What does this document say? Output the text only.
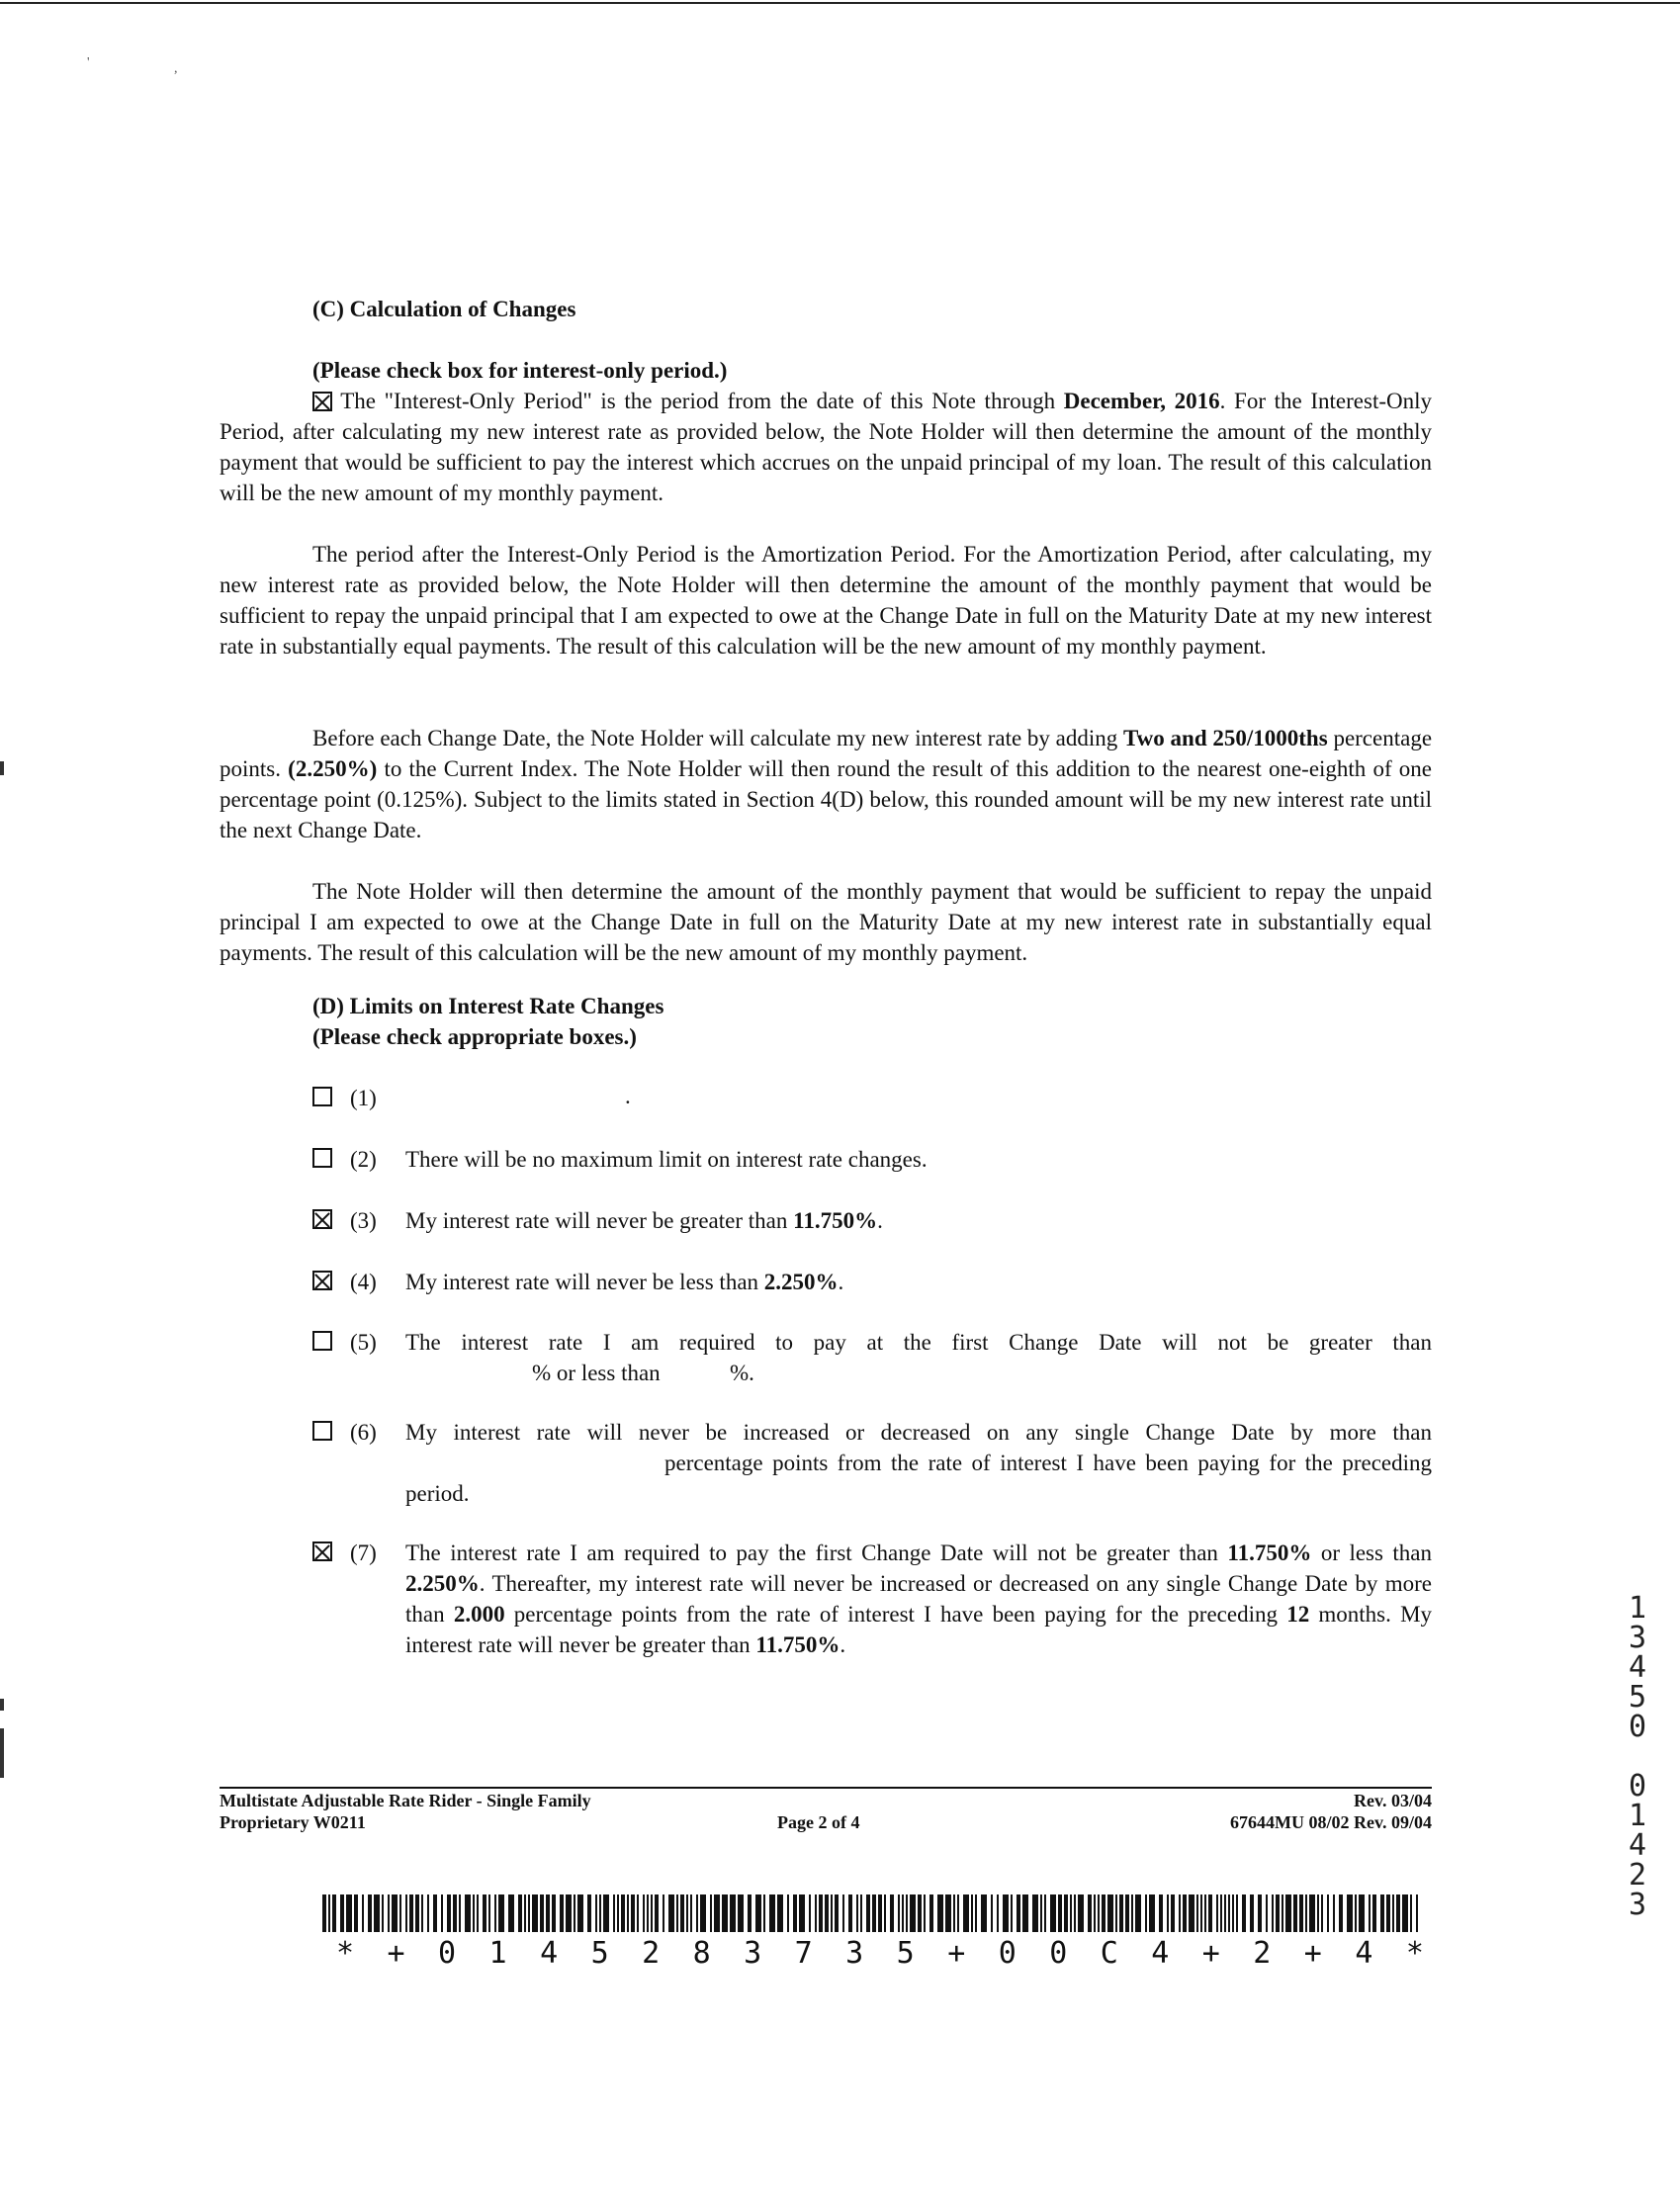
'	,
(C) Calculation of Changes
(Please check box for interest-only period.)

The "Interest-Only Period" is the period from the date of this Note through December, 2016. For the Interest-Only Period, after calculating my new interest rate as provided below, the Note Holder will then determine the amount of the monthly payment that would be sufficient to pay the interest which accrues on the unpaid principal of my loan. The result of this calculation will be the new amount of my monthly payment.

The period after the Interest-Only Period is the Amortization Period. For the Amortization Period, after calculating, my new interest rate as provided below, the Note Holder will then determine the amount of the monthly payment that would be sufficient to repay the unpaid principal that I am expected to owe at the Change Date in full on the Maturity Date at my new interest rate in substantially equal payments. The result of this calculation will be the new amount of my monthly payment.

Before each Change Date, the Note Holder will calculate my new interest rate by adding Two and 250/1000ths percentage points. (2.250%) to the Current Index. The Note Holder will then round the result of this addition to the nearest one-eighth of one percentage point (0.125%). Subject to the limits stated in Section 4(D) below, this rounded amount will be my new interest rate until the next Change Date.

The Note Holder will then determine the amount of the monthly payment that would be sufficient to repay the unpaid principal I am expected to owe at the Change Date in full on the Maturity Date at my new interest rate in substantially equal payments. The result of this calculation will be the new amount of my monthly payment.

(D) Limits on Interest Rate Changes
(Please check appropriate boxes.)
(1)	.
(2) There will be no maximum limit on interest rate changes.

(3) My interest rate will never be greater than 11.750%.

(4) My interest rate will never be less than 2.250%.

(5) The interest rate I am required to pay at the first Change Date will not be greater than

% or less than	%.
(6) My interest rate will never be increased or decreased on any single Change Date by more than

percentage points from the rate of interest I have been paying for the preceding period.

(7) The interest rate I am required to pay the first Change Date will not be greater than 11.750% or less than 2.250%. Thereafter, my interest rate will never be increased or decreased on any single Change Date by more than 2.000 percentage points from the rate of interest I have been paying for the preceding 12 months. My interest rate will never be greater than 11.750%.

Multistate Adjustable Rate Rider - Single Family
Proprietary W0211	Page 2 of 4
Rev. 03/04
67644MU 08/02 Rev. 09/04
* + 0 1 4 5 2 8 3 7 3 5 + 0 0 C 4 + 2 + 4 *
1
3
4
5
0

0
1
4
2
3
